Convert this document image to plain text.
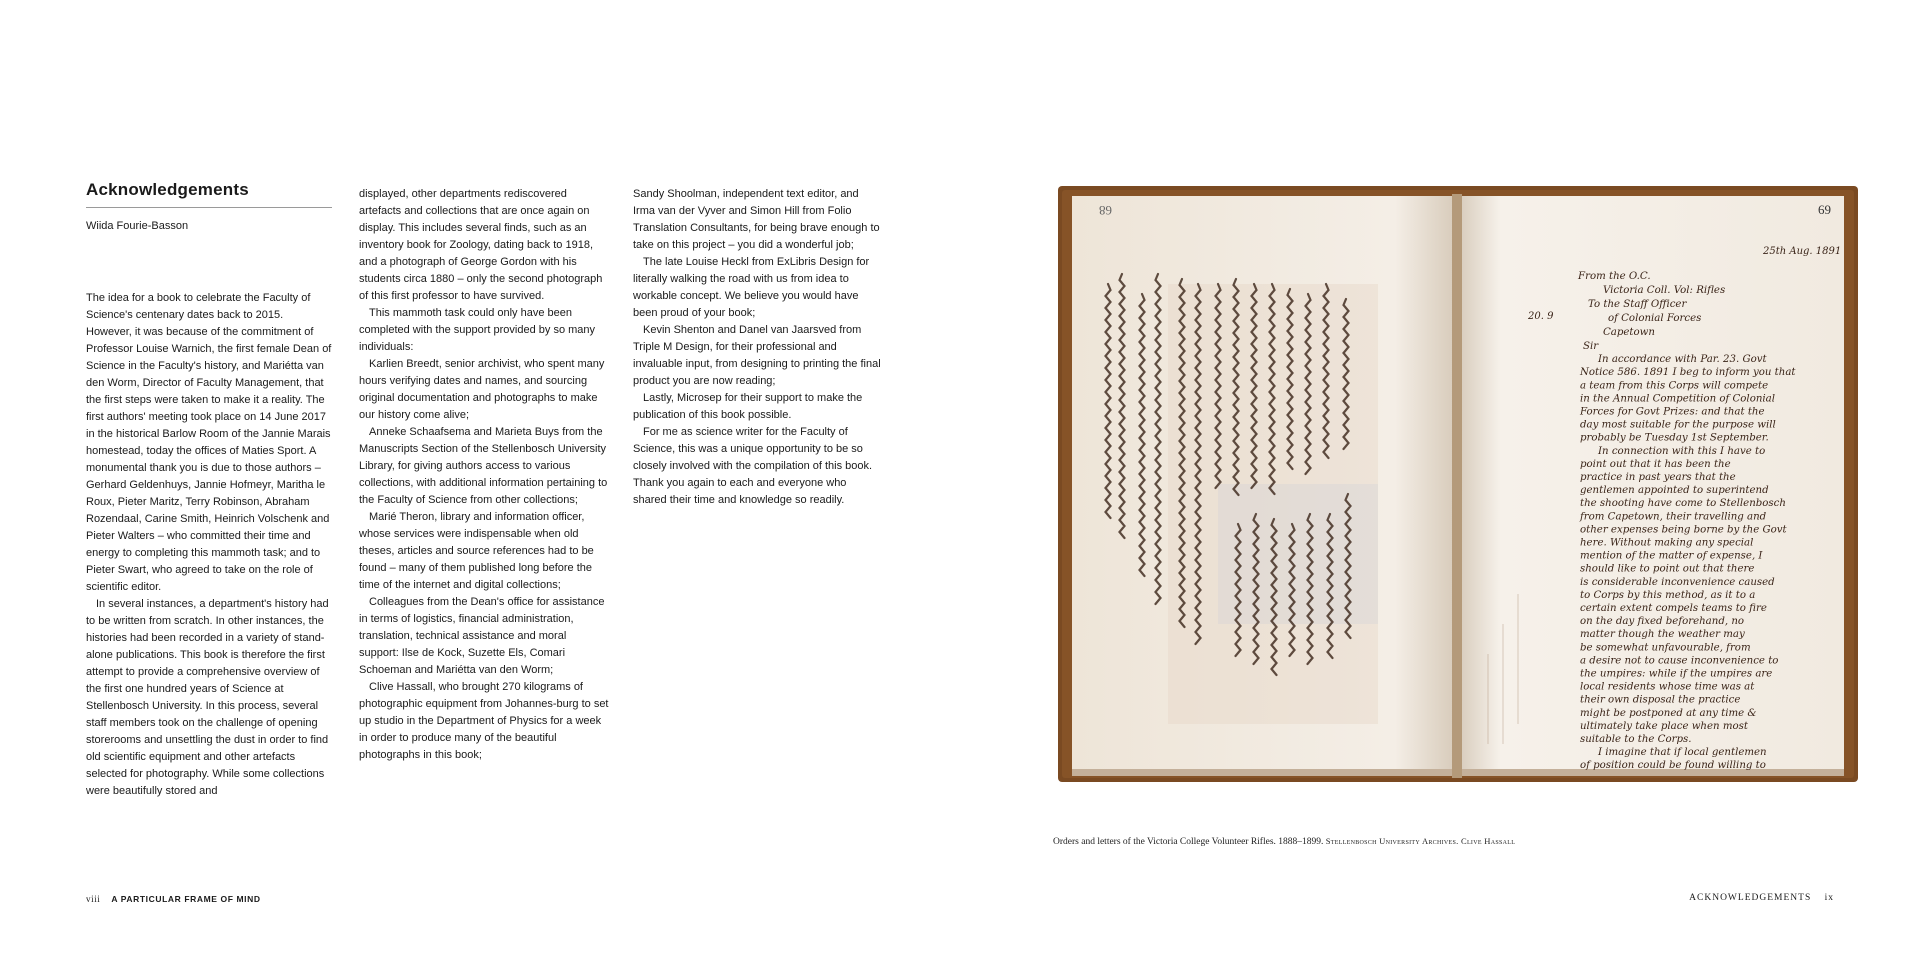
Acknowledgements
Wiida Fourie-Basson

The idea for a book to celebrate the Faculty of Science's centenary dates back to 2015. However, it was because of the commitment of Professor Louise Warnich, the first female Dean of Science in the Faculty's history, and Mariétta van den Worm, Director of Faculty Management, that the first steps were taken to make it a reality. The first authors' meeting took place on 14 June 2017 in the historical Barlow Room of the Jannie Marais homestead, today the offices of Maties Sport. A monumental thank you is due to those authors – Gerhard Geldenhuys, Jannie Hofmeyr, Maritha le Roux, Pieter Maritz, Terry Robinson, Abraham Rozendaal, Carine Smith, Heinrich Volschenk and Pieter Walters – who committed their time and energy to completing this mammoth task; and to Pieter Swart, who agreed to take on the role of scientific editor.

In several instances, a department's history had to be written from scratch. In other instances, the histories had been recorded in a variety of stand-alone publications. This book is therefore the first attempt to provide a comprehensive overview of the first one hundred years of Science at Stellenbosch University. In this process, several staff members took on the challenge of opening storerooms and unsettling the dust in order to find old scientific equipment and other artefacts selected for photography. While some collections were beautifully stored and

displayed, other departments rediscovered artefacts and collections that are once again on display. This includes several finds, such as an inventory book for Zoology, dating back to 1918, and a photograph of George Gordon with his students circa 1880 – only the second photograph of this first professor to have survived.

This mammoth task could only have been completed with the support provided by so many individuals:

Karlien Breedt, senior archivist, who spent many hours verifying dates and names, and sourcing original documentation and photographs to make our history come alive;

Anneke Schaafsema and Marieta Buys from the Manuscripts Section of the Stellenbosch University Library, for giving authors access to various collections, with additional information pertaining to the Faculty of Science from other collections;

Marié Theron, library and information officer, whose services were indispensable when old theses, articles and source references had to be found – many of them published long before the time of the internet and digital collections;

Colleagues from the Dean's office for assistance in terms of logistics, financial administration, translation, technical assistance and moral support: Ilse de Kock, Suzette Els, Comari Schoeman and Mariétta van den Worm;

Clive Hassall, who brought 270 kilograms of photographic equipment from Johannes-burg to set up studio in the Department of Physics for a week in order to produce many of the beautiful photographs in this book;

Sandy Shoolman, independent text editor, and Irma van der Vyver and Simon Hill from Folio Translation Consultants, for being brave enough to take on this project – you did a wonderful job;

The late Louise Heckl from ExLibris Design for literally walking the road with us from idea to workable concept. We believe you would have been proud of your book;

Kevin Shenton and Danel van Jaarsved from Triple M Design, for their professional and invaluable input, from designing to printing the final product you are now reading;

Lastly, Microsep for their support to make the publication of this book possible.

For me as science writer for the Faculty of Science, this was a unique opportunity to be so closely involved with the compilation of this book. Thank you again to each and everyone who shared their time and knowledge so readily.

viii A PARTICULAR FRAME OF MIND
68	69
25th Aug. 1891
20. 9
From the O.C.
Victoria Coll. Vol: Rifles
To the Staff Officer
of Colonial Forces
Capetown
Sir
In accordance with Par. 23. Govt
Notice 586. 1891 I beg to inform you that
a team from this Corps will compete
in the Annual Competition of Colonial
Forces for Govt Prizes: and that the
day most suitable for the purpose will
probably be Tuesday 1st September.
In connection with this I have to
point out that it has been the
practice in past years that the
gentlemen appointed to superintend
the shooting have come to Stellenbosch
from Capetown, their travelling and
other expenses being borne by the Govt
here. Without making any special
mention of the matter of expense, I
should like to point out that there
is considerable inconvenience caused
to Corps by this method, as it to a
certain extent compels teams to fire
on the day fixed beforehand, no
matter though the weather may
be somewhat unfavourable, from
a desire not to cause inconvenience to
the umpires: while if the umpires are
local residents whose time was at
their own disposal the practice
might be postponed at any time &
ultimately take place when most
suitable to the Corps.
I imagine that if local gentlemen
of position could be found willing to
Orders and letters of the Victoria College Volunteer Rifles. 1888–1899. Stellenbosch University Archives. Clive Hassall
ACKNOWLEDGEMENTS ix
